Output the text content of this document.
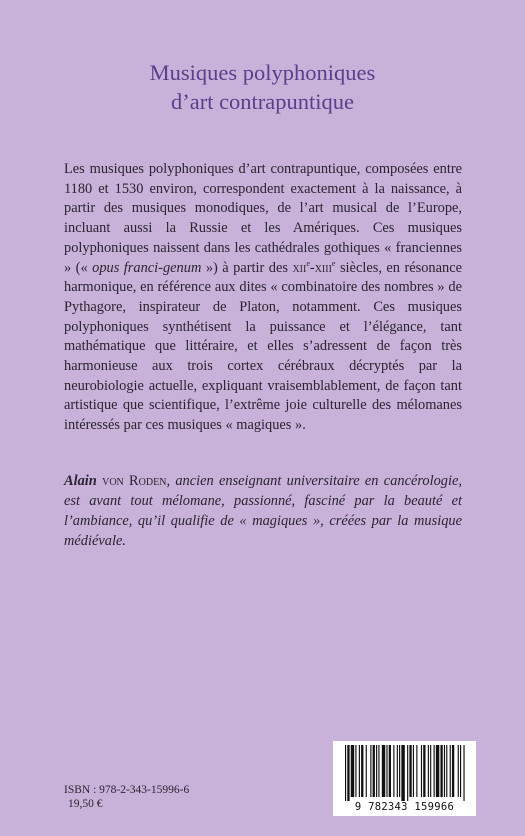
Musiques polyphoniques
d’art contrapuntique

Les musiques polyphoniques d’art contrapuntique, composées entre 1180 et 1530 environ, correspondent exactement à la naissance, à partir des musiques monodiques, de l’art musical de l’Europe, incluant aussi la Russie et les Amériques. Ces musiques polyphoniques naissent dans les cathédrales gothiques « franciennes » (« opus franci-genum ») à partir des xii$^e$-xiii$^e$ siècles, en résonance harmonique, en référence aux dites « combinatoire des nombres » de Pythagore, inspirateur de Platon, notamment. Ces musiques polyphoniques synthétisent la puissance et l’élégance, tant mathématique que littéraire, et elles s’adressent de façon très harmonieuse aux trois cortex cérébraux décryptés par la neurobiologie actuelle, expliquant vraisemblablement, de façon tant artistique que scientifique, l’extrême joie culturelle des mélomanes intéressés par ces musiques « magiques ».

Alain von Roden, ancien enseignant universitaire en cancérologie, est avant tout mélomane, passionné, fasciné par la beauté et l’ambiance, qu’il qualifie de « magiques », créées par la musique médiévale.
ISBN : 978-2-343-15996-6
19,50 €	9 782343 159966
